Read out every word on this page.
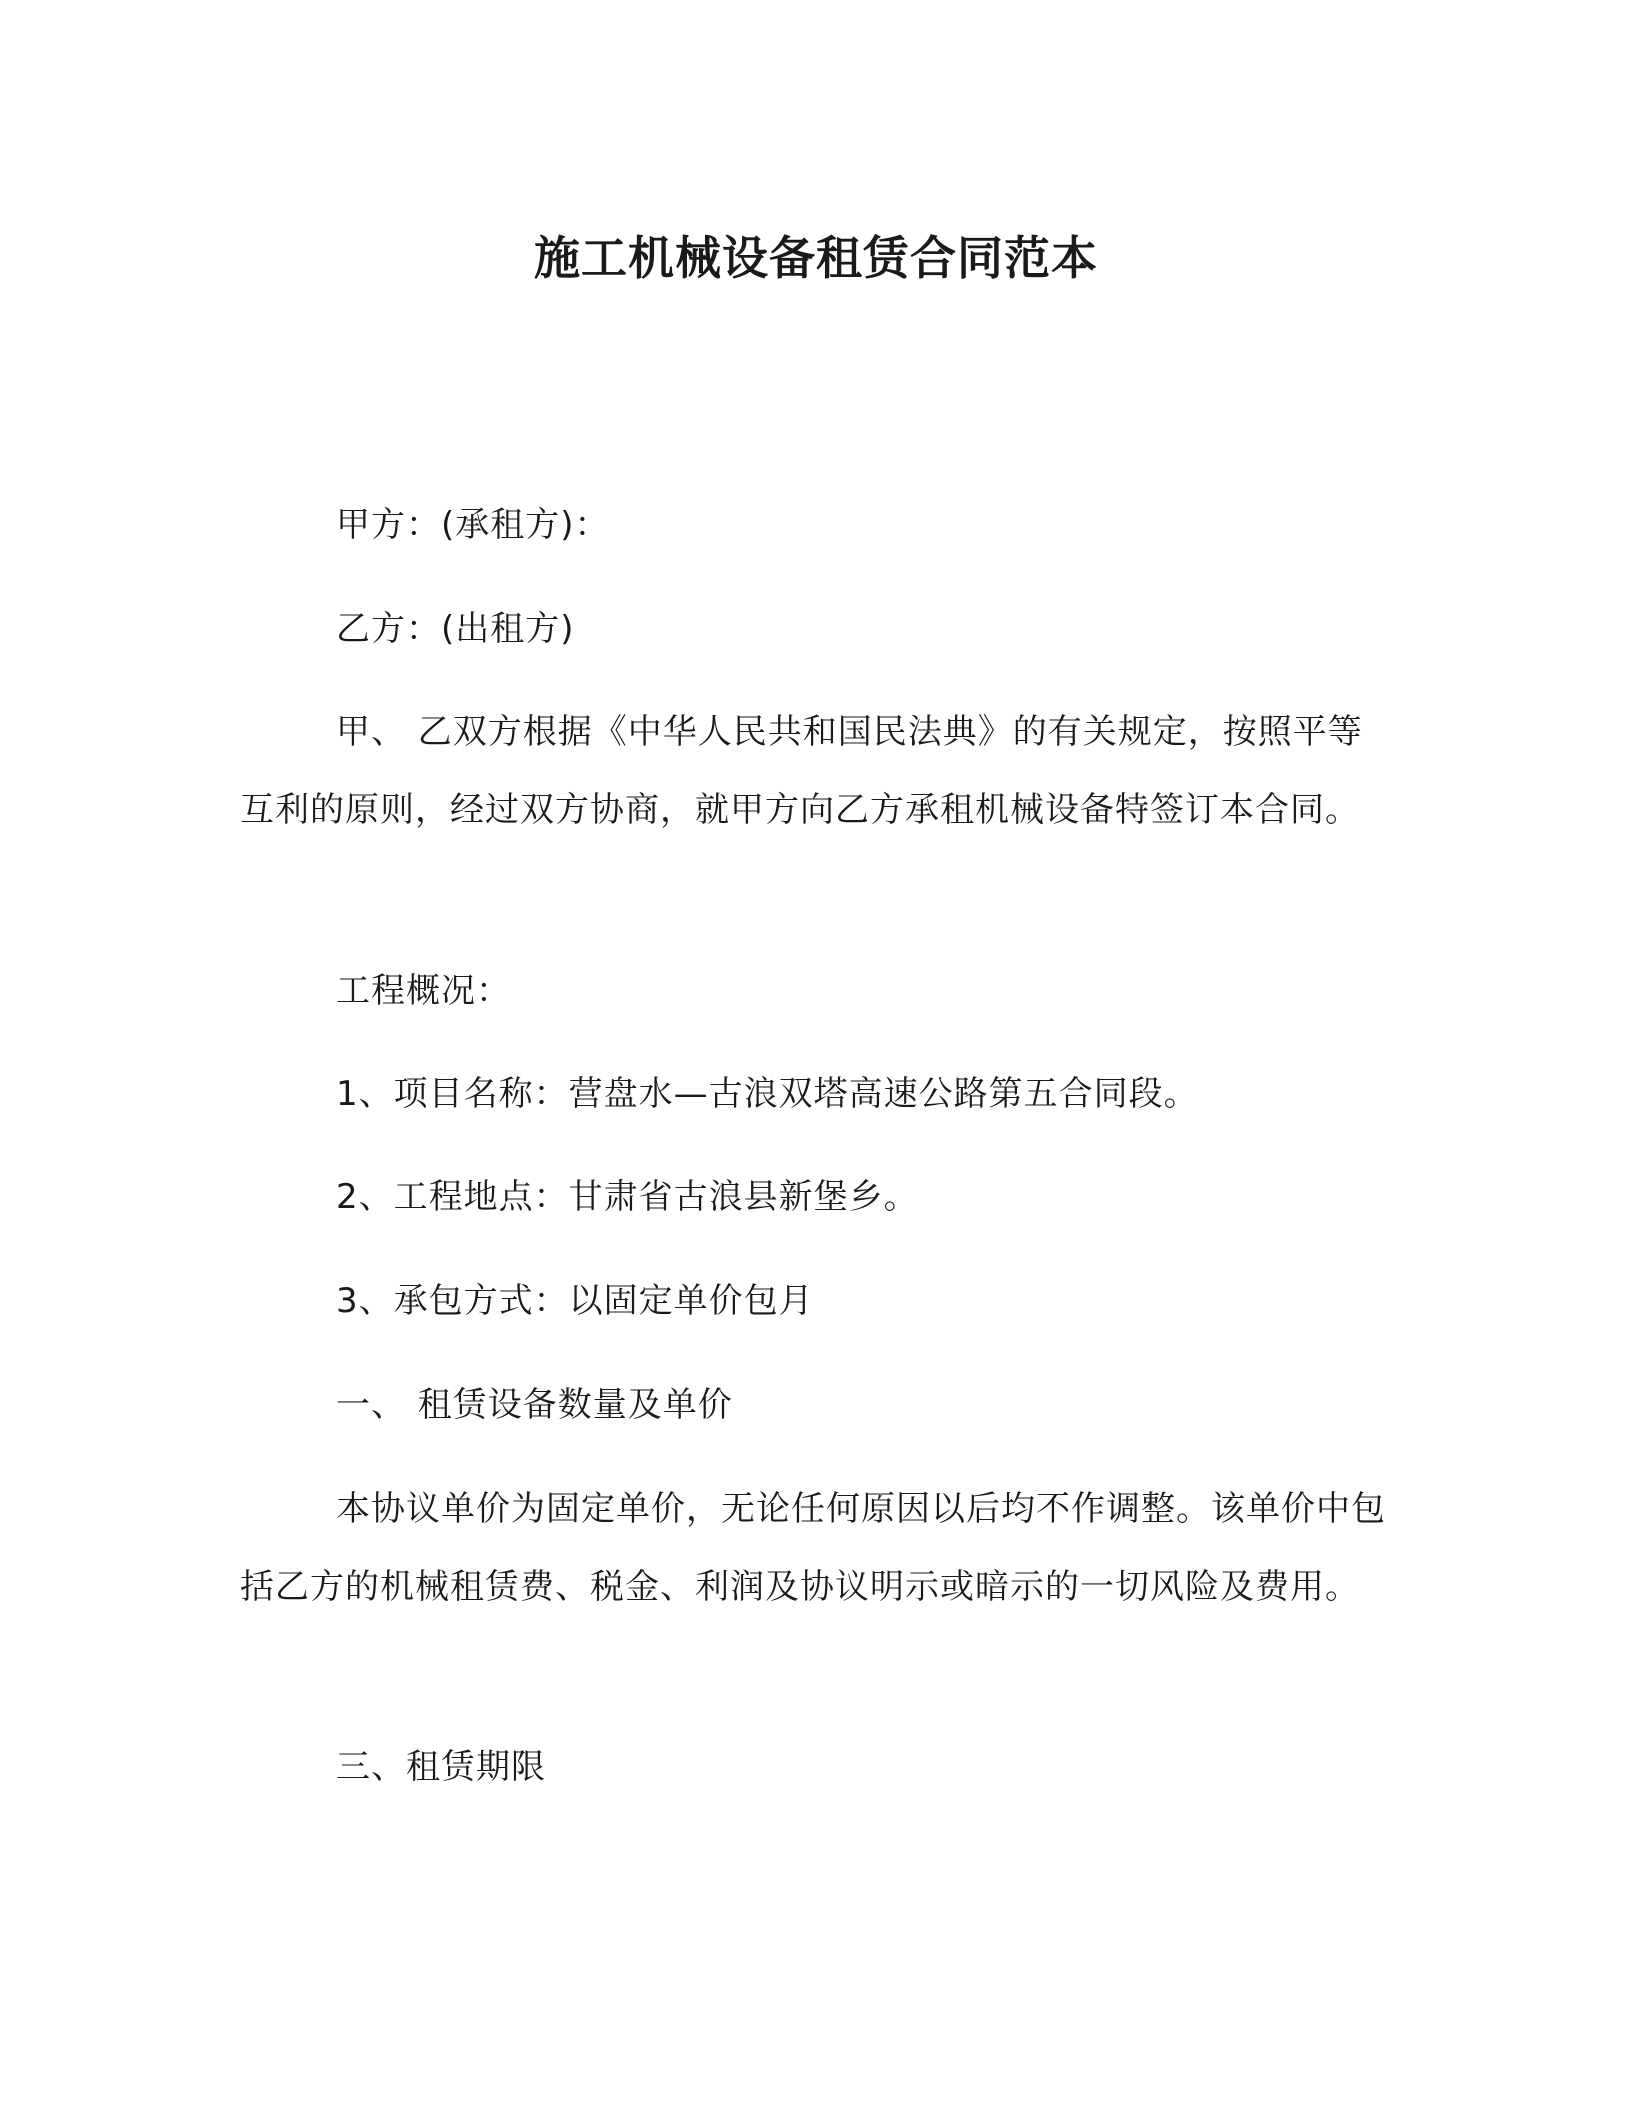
施工机械设备租赁合同范本

甲方：(承租方)：

乙方：(出租方)

甲、 乙双方根据《中华人民共和国民法典》的有关规定，按照平等互利的原则，经过双方协商，就甲方向乙方承租机械设备特签订本合同。

工程概况：

1、项目名称：营盘水—古浪双塔高速公路第五合同段。

2、工程地点：甘肃省古浪县新堡乡。

3、承包方式：以固定单价包月

一、 租赁设备数量及单价

本协议单价为固定单价，无论任何原因以后均不作调整。该单价中包括乙方的机械租赁费、税金、利润及协议明示或暗示的一切风险及费用。

三、租赁期限
